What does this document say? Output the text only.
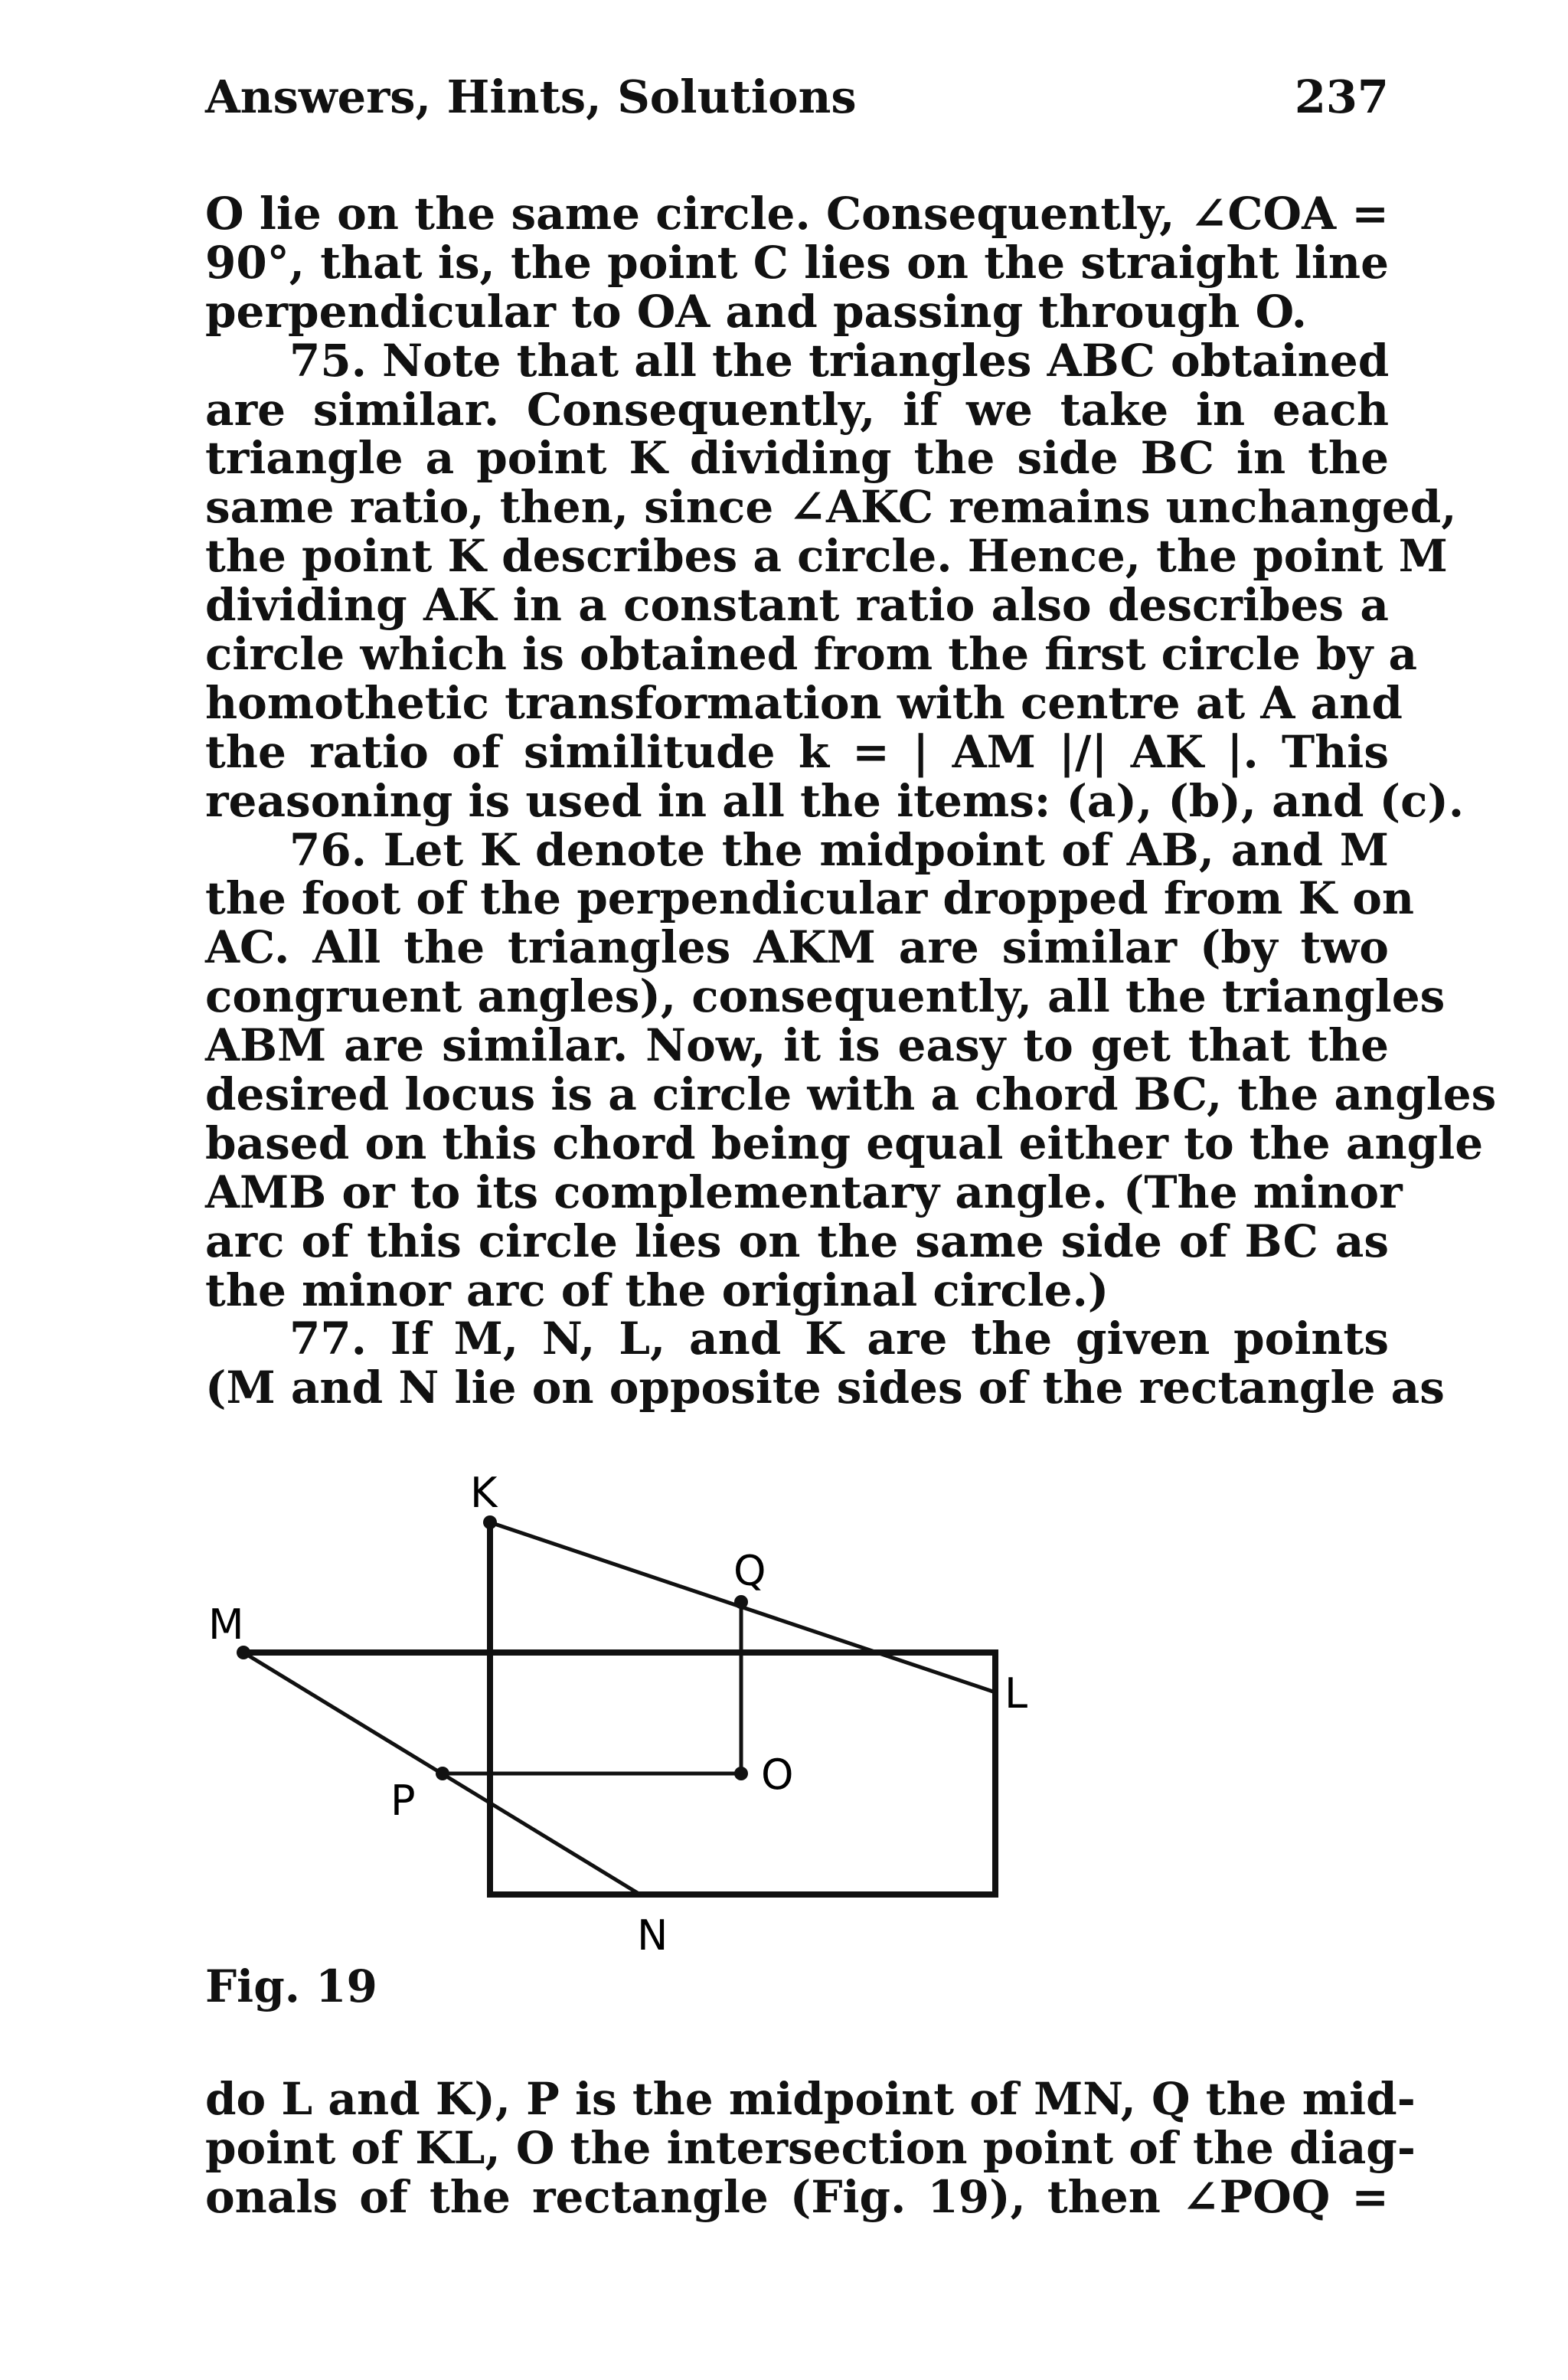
Answers, Hints, Solutions	237
O lie on the same circle. Consequently, ∠COA =
90°, that is, the point C lies on the straight line
perpendicular to OA and passing through O.
75. Note that all the triangles ABC obtained
are similar. Consequently, if we take in each
triangle a point K dividing the side BC in the
same ratio, then, since ∠AKC remains unchanged,
the point K describes a circle. Hence, the point M
dividing AK in a constant ratio also describes a
circle which is obtained from the first circle by a
homothetic transformation with centre at A and
the ratio of similitude k = | AM |/| AK |. This
reasoning is used in all the items: (a), (b), and (c).
76. Let K denote the midpoint of AB, and M
the foot of the perpendicular dropped from K on
AC. All the triangles AKM are similar (by two
congruent angles), consequently, all the triangles
ABM are similar. Now, it is easy to get that the
desired locus is a circle with a chord BC, the angles
based on this chord being equal either to the angle
AMB or to its complementary angle. (The minor
arc of this circle lies on the same side of BC as
the minor arc of the original circle.)
77. If M, N, L, and K are the given points
(M and N lie on opposite sides of the rectangle as
K
Q
M
L
P
O
N
Fig. 19
do L and K), P is the midpoint of MN, Q the mid-
point of KL, O the intersection point of the diag-
onals of the rectangle (Fig. 19), then ∠POQ =
